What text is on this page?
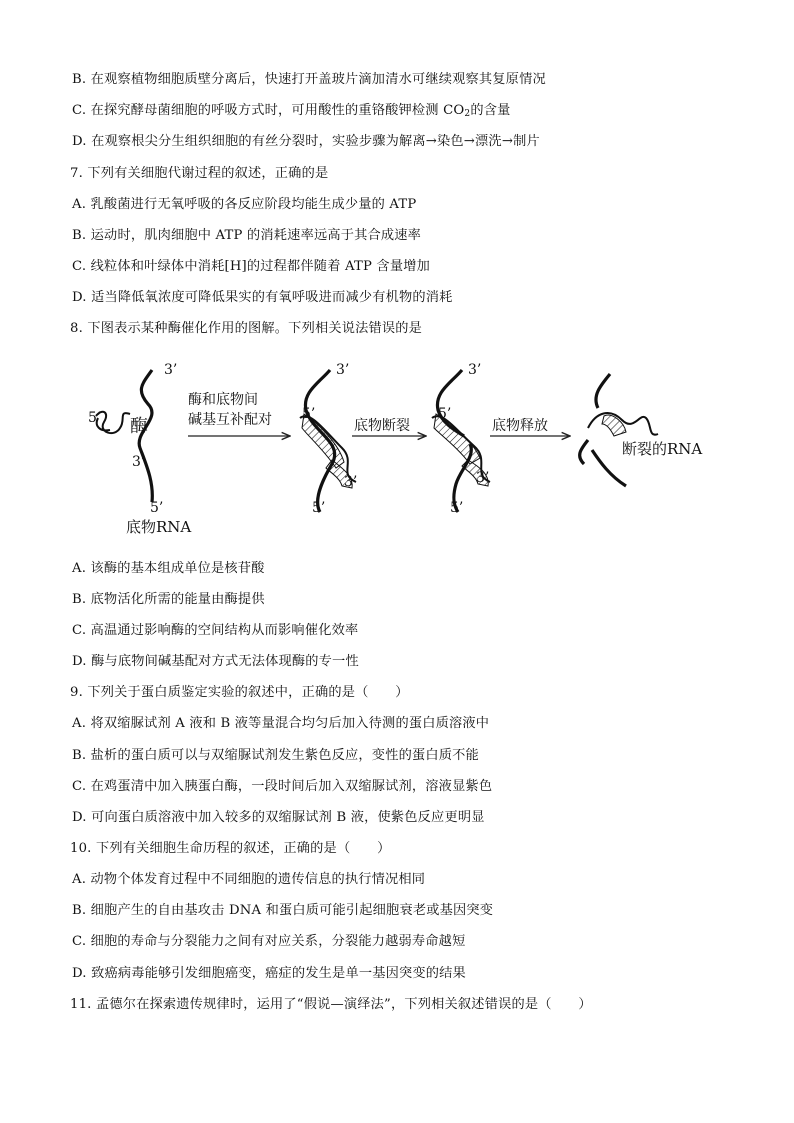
B. 在观察植物细胞质壁分离后，快速打开盖玻片滴加清水可继续观察其复原情况
C. 在探究酵母菌细胞的呼吸方式时，可用酸性的重铬酸钾检测 $CO_2$的含量
D. 在观察根尖分生组织细胞的有丝分裂时，实验步骤为解离→染色→漂洗→制片
7. 下列有关细胞代谢过程的叙述，正确的是
A. 乳酸菌进行无氧呼吸的各反应阶段均能生成少量的 ATP
B. 运动时，肌肉细胞中 ATP 的消耗速率远高于其合成速率
C. 线粒体和叶绿体中消耗[H]的过程都伴随着 ATP 含量增加
D. 适当降低氧浓度可降低果实的有氧呼吸进而减少有机物的消耗
8. 下图表示某种酶催化作用的图解。下列相关说法错误的是
酶
3’
5’
3’
5’
底物RNA
酶和底物间
碱基互补配对
3’
5’
3’
5’
底物断裂
3’
5’
3’
5’
底物释放
断裂的RNA
A. 该酶的基本组成单位是核苷酸
B. 底物活化所需的能量由酶提供
C. 高温通过影响酶的空间结构从而影响催化效率
D. 酶与底物间碱基配对方式无法体现酶的专一性
9. 下列关于蛋白质鉴定实验的叙述中，正确的是（　　）
A. 将双缩脲试剂 A 液和 B 液等量混合均匀后加入待测的蛋白质溶液中
B. 盐析的蛋白质可以与双缩脲试剂发生紫色反应，变性的蛋白质不能
C. 在鸡蛋清中加入胰蛋白酶，一段时间后加入双缩脲试剂，溶液显紫色
D. 可向蛋白质溶液中加入较多的双缩脲试剂 B 液，使紫色反应更明显
10. 下列有关细胞生命历程的叙述，正确的是（　　）
A. 动物个体发育过程中不同细胞的遗传信息的执行情况相同
B. 细胞产生的自由基攻击 DNA 和蛋白质可能引起细胞衰老或基因突变
C. 细胞的寿命与分裂能力之间有对应关系，分裂能力越弱寿命越短
D. 致癌病毒能够引发细胞癌变，癌症的发生是单一基因突变的结果
11. 孟德尔在探索遗传规律时，运用了“假说—演绎法”，下列相关叙述错误的是（　　）
